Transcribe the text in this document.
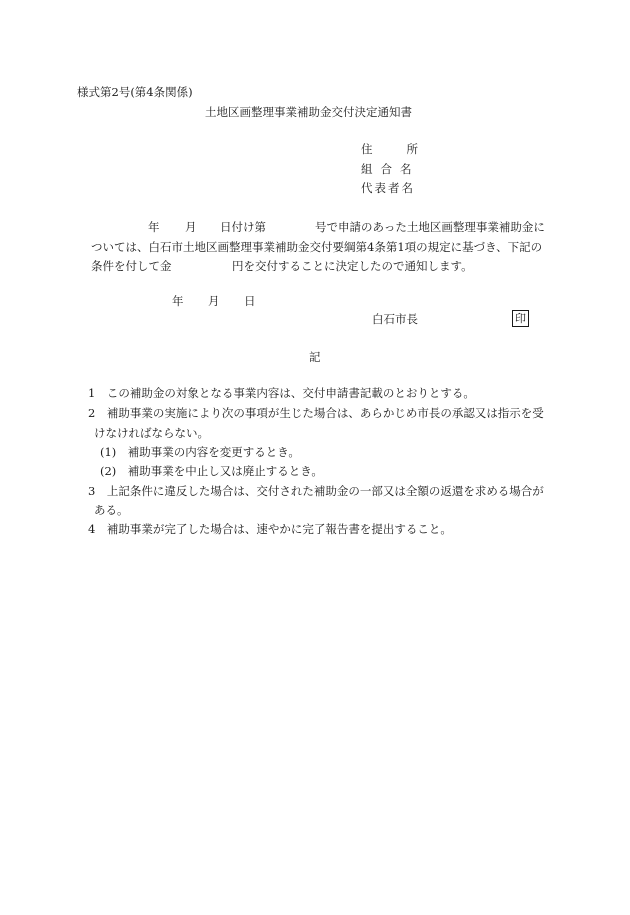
様式第2号(第4条関係)
土地区画整理事業補助金交付決定通知書
住	所
組 合 名
代 表 者 名
年 月 日付け第	号で申請のあった土地区画整理事業補助金に
ついては、白石市土地区画整理事業補助金交付要綱第4条第1項の規定に基づき、下記の
条件を付して金	円を交付することに決定したので通知します。
年 月 日
白石市長	印
記
1　この補助金の対象となる事業内容は、交付申請書記載のとおりとする。
2　補助事業の実施により次の事項が生じた場合は、あらかじめ市長の承認又は指示を受
けなければならない。
(1)　補助事業の内容を変更するとき。
(2)　補助事業を中止し又は廃止するとき。
3　上記条件に違反した場合は、交付された補助金の一部又は全額の返還を求める場合が
ある。
4　補助事業が完了した場合は、速やかに完了報告書を提出すること。
